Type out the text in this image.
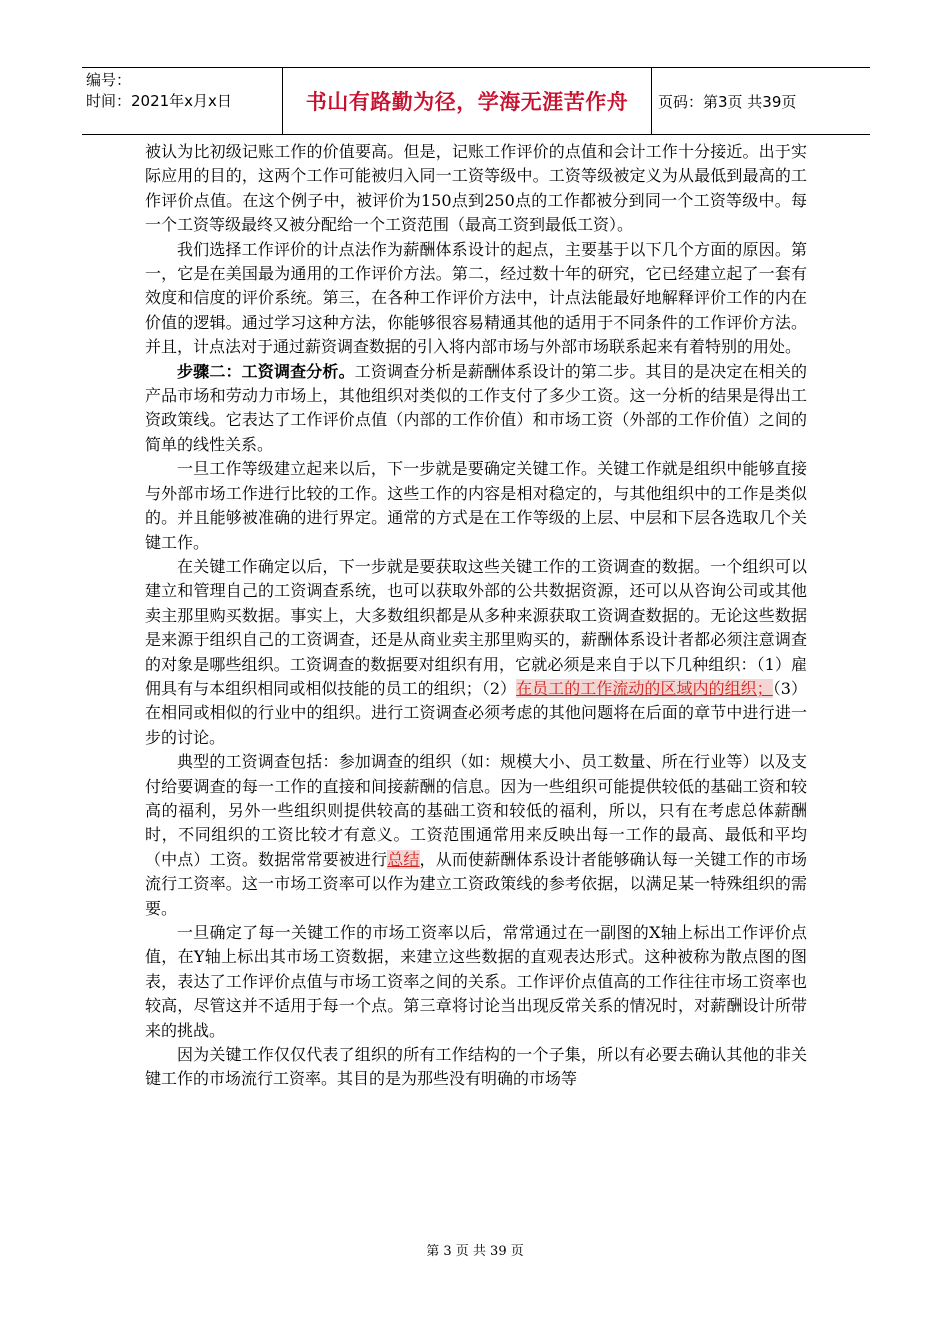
编号：
时间：2021年x月x日	书山有路勤为径，学海无涯苦作舟	页码：第3页 共39页

被认为比初级记账工作的价值要高。但是，记账工作评价的点值和会计工作十分接近。出于实际应用的目的，这两个工作可能被归入同一工资等级中。工资等级被定义为从最低到最高的工作评价点值。在这个例子中，被评价为150点到250点的工作都被分到同一个工资等级中。每一个工资等级最终又被分配给一个工资范围（最高工资到最低工资）。

我们选择工作评价的计点法作为薪酬体系设计的起点，主要基于以下几个方面的原因。第一，它是在美国最为通用的工作评价方法。第二，经过数十年的研究，它已经建立起了一套有效度和信度的评价系统。第三，在各种工作评价方法中，计点法能最好地解释评价工作的内在价值的逻辑。通过学习这种方法，你能够很容易精通其他的适用于不同条件的工作评价方法。并且，计点法对于通过薪资调查数据的引入将内部市场与外部市场联系起来有着特别的用处。

步骤二：工资调查分析。工资调查分析是薪酬体系设计的第二步。其目的是决定在相关的产品市场和劳动力市场上，其他组织对类似的工作支付了多少工资。这一分析的结果是得出工资政策线。它表达了工作评价点值（内部的工作价值）和市场工资（外部的工作价值）之间的简单的线性关系。

一旦工作等级建立起来以后，下一步就是要确定关键工作。关键工作就是组织中能够直接与外部市场工作进行比较的工作。这些工作的内容是相对稳定的，与其他组织中的工作是类似的。并且能够被准确的进行界定。通常的方式是在工作等级的上层、中层和下层各选取几个关键工作。

在关键工作确定以后，下一步就是要获取这些关键工作的工资调查的数据。一个组织可以建立和管理自己的工资调查系统，也可以获取外部的公共数据资源，还可以从咨询公司或其他卖主那里购买数据。事实上，大多数组织都是从多种来源获取工资调查数据的。无论这些数据是来源于组织自己的工资调查，还是从商业卖主那里购买的，薪酬体系设计者都必须注意调查的对象是哪些组织。工资调查的数据要对组织有用，它就必须是来自于以下几种组织：（1）雇佣具有与本组织相同或相似技能的员工的组织；（2）在员工的工作流动的区域内的组织；（3）在相同或相似的行业中的组织。进行工资调查必须考虑的其他问题将在后面的章节中进行进一步的讨论。

典型的工资调查包括：参加调查的组织（如：规模大小、员工数量、所在行业等）以及支付给要调查的每一工作的直接和间接薪酬的信息。因为一些组织可能提供较低的基础工资和较高的福利，另外一些组织则提供较高的基础工资和较低的福利，所以，只有在考虑总体薪酬时，不同组织的工资比较才有意义。工资范围通常用来反映出每一工作的最高、最低和平均（中点）工资。数据常常要被进行总结，从而使薪酬体系设计者能够确认每一关键工作的市场流行工资率。这一市场工资率可以作为建立工资政策线的参考依据，以满足某一特殊组织的需要。

一旦确定了每一关键工作的市场工资率以后，常常通过在一副图的X轴上标出工作评价点值，在Y轴上标出其市场工资数据，来建立这些数据的直观表达形式。这种被称为散点图的图表，表达了工作评价点值与市场工资率之间的关系。工作评价点值高的工作往往市场工资率也较高，尽管这并不适用于每一个点。第三章将讨论当出现反常关系的情况时，对薪酬设计所带来的挑战。

因为关键工作仅仅代表了组织的所有工作结构的一个子集，所以有必要去确认其他的非关键工作的市场流行工资率。其目的是为那些没有明确的市场等

第 3 页 共 39 页
